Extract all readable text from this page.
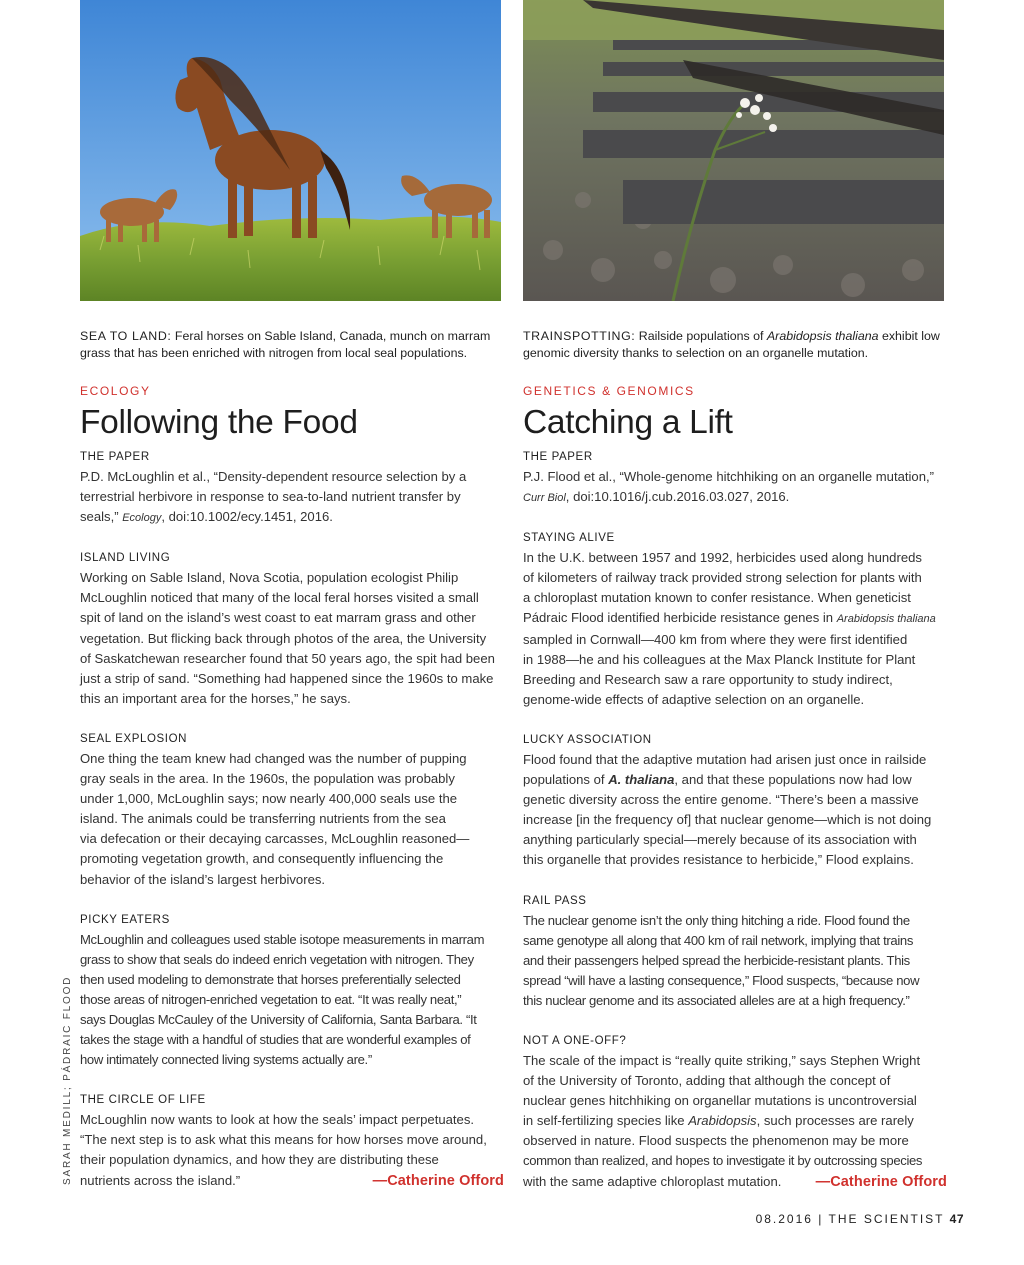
SEA TO LAND: Feral horses on Sable Island, Canada, munch on marram grass that has been enriched with nitrogen from local seal populations.

ECOLOGY
Following the Food
THE PAPER
P.D. McLoughlin et al., “Density-dependent resource selection by a
terrestrial herbivore in response to sea-to-land nutrient transfer by
seals,” Ecology, doi:10.1002/ecy.1451, 2016.
ISLAND LIVING
Working on Sable Island, Nova Scotia, population ecologist Philip
McLoughlin noticed that many of the local feral horses visited a small
spit of land on the island’s west coast to eat marram grass and other
vegetation. But flicking back through photos of the area, the University
of Saskatchewan researcher found that 50 years ago, the spit had been
just a strip of sand. “Something had happened since the 1960s to make
this an important area for the horses,” he says.
SEAL EXPLOSION
One thing the team knew had changed was the number of pupping
gray seals in the area. In the 1960s, the population was probably
under 1,000, McLoughlin says; now nearly 400,000 seals use the
island. The animals could be transferring nutrients from the sea
via defecation or their decaying carcasses, McLoughlin reasoned—
promoting vegetation growth, and consequently influencing the
behavior of the island’s largest herbivores.
PICKY EATERS
McLoughlin and colleagues used stable isotope measurements in marram
grass to show that seals do indeed enrich vegetation with nitrogen. They
then used modeling to demonstrate that horses preferentially selected
those areas of nitrogen-enriched vegetation to eat. “It was really neat,”
says Douglas McCauley of the University of California, Santa Barbara. “It
takes the stage with a handful of studies that are wonderful examples of
how intimately connected living systems actually are.”
THE CIRCLE OF LIFE
McLoughlin now wants to look at how the seals’ impact perpetuates.
“The next step is to ask what this means for how horses move around,
their population dynamics, and how they are distributing these
nutrients across the island.”	—Catherine Offord

TRAINSPOTTING: Railside populations of Arabidopsis thaliana exhibit low genomic diversity thanks to selection on an organelle mutation.

GENETICS & GENOMICS
Catching a Lift
THE PAPER
P.J. Flood et al., “Whole-genome hitchhiking on an organelle mutation,”
Curr Biol, doi:10.1016/j.cub.2016.03.027, 2016.
STAYING ALIVE
In the U.K. between 1957 and 1992, herbicides used along hundreds
of kilometers of railway track provided strong selection for plants with
a chloroplast mutation known to confer resistance. When geneticist
Pádraic Flood identified herbicide resistance genes in Arabidopsis thaliana
sampled in Cornwall—400 km from where they were first identified
in 1988—he and his colleagues at the Max Planck Institute for Plant
Breeding and Research saw a rare opportunity to study indirect,
genome-wide effects of adaptive selection on an organelle.
LUCKY ASSOCIATION
Flood found that the adaptive mutation had arisen just once in railside
populations of A. thaliana, and that these populations now had low
genetic diversity across the entire genome. “There’s been a massive
increase [in the frequency of] that nuclear genome—which is not doing
anything particularly special—merely because of its association with
this organelle that provides resistance to herbicide,” Flood explains.
RAIL PASS
The nuclear genome isn’t the only thing hitching a ride. Flood found the
same genotype all along that 400 km of rail network, implying that trains
and their passengers helped spread the herbicide-resistant plants. This
spread “will have a lasting consequence,” Flood suspects, “because now
this nuclear genome and its associated alleles are at a high frequency.”
NOT A ONE-OFF?
The scale of the impact is “really quite striking,” says Stephen Wright
of the University of Toronto, adding that although the concept of
nuclear genes hitchhiking on organellar mutations is uncontroversial
in self-fertilizing species like Arabidopsis, such processes are rarely
observed in nature. Flood suspects the phenomenon may be more
common than realized, and hopes to investigate it by outcrossing species
with the same adaptive chloroplast mutation. —Catherine Offord
SARAH MEDILL; PÁDRAIC FLOOD
08.2016 | THE SCIENTIST 47
